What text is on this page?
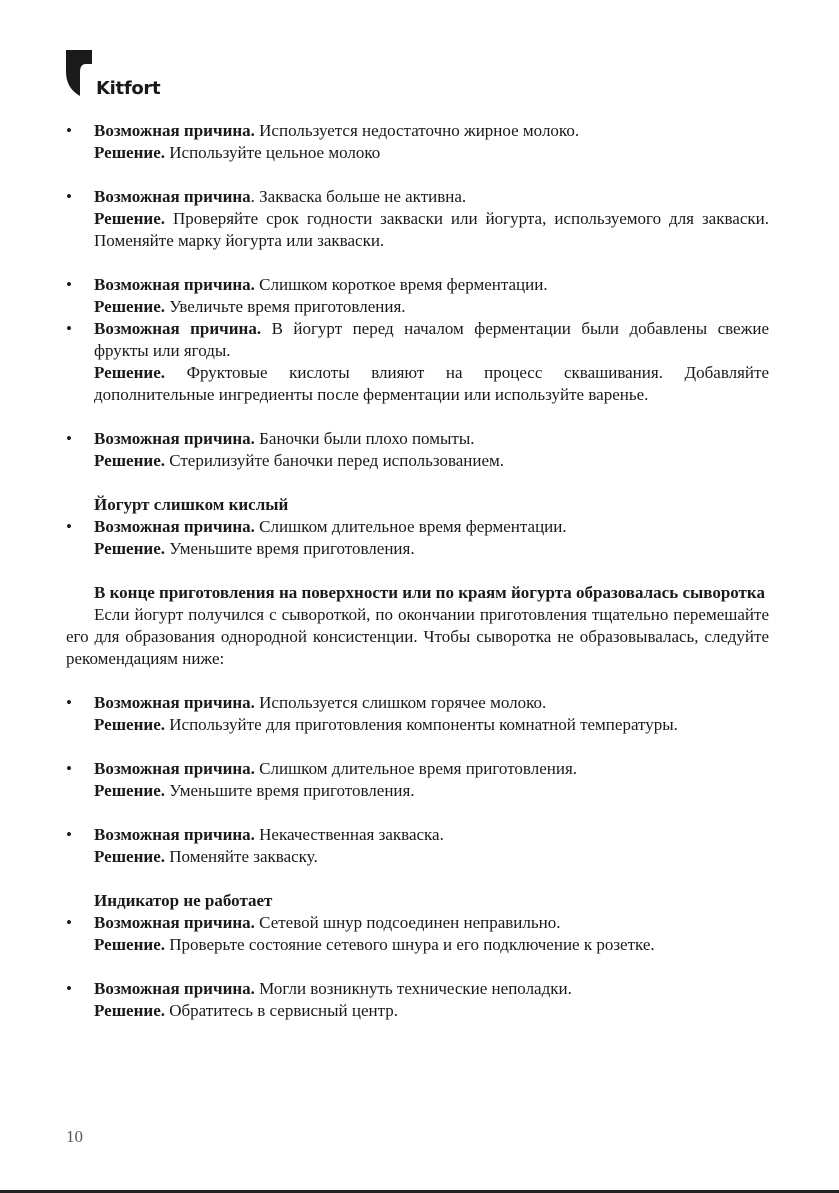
Kitfort
• Возможная причина. Используется недостаточно жирное молоко.
Решение. Используйте цельное молоко
• Возможная причина. Закваска больше не активна.
Решение. Проверяйте срок годности закваски или йогурта, используемого для закваски. Поменяйте марку йогурта или закваски.
• Возможная причина. Слишком короткое время ферментации.
Решение. Увеличьте время приготовления.
• Возможная причина. В йогурт перед началом ферментации были добавлены свежие фрукты или ягоды.
Решение. Фруктовые кислоты влияют на процесс сквашивания. Добавляйте дополнительные ингредиенты после ферментации или используйте варенье.
• Возможная причина. Баночки были плохо помыты.
Решение. Стерилизуйте баночки перед использованием.
Йогурт слишком кислый
• Возможная причина. Слишком длительное время ферментации.
Решение. Уменьшите время приготовления.
В конце приготовления на поверхности или по краям йогурта образовалась сыворотка
Если йогурт получился с сывороткой, по окончании приготовления тщательно перемешайте его для образования однородной консистенции. Чтобы сыворотка не образовывалась, следуйте рекомендациям ниже:
• Возможная причина. Используется слишком горячее молоко.
Решение. Используйте для приготовления компоненты комнатной температуры.
• Возможная причина. Слишком длительное время приготовления.
Решение. Уменьшите время приготовления.
• Возможная причина. Некачественная закваска.
Решение. Поменяйте закваску.
Индикатор не работает
• Возможная причина. Сетевой шнур подсоединен неправильно.
Решение. Проверьте состояние сетевого шнура и его подключение к розетке.
• Возможная причина. Могли возникнуть технические неполадки.
Решение. Обратитесь в сервисный центр.
10
